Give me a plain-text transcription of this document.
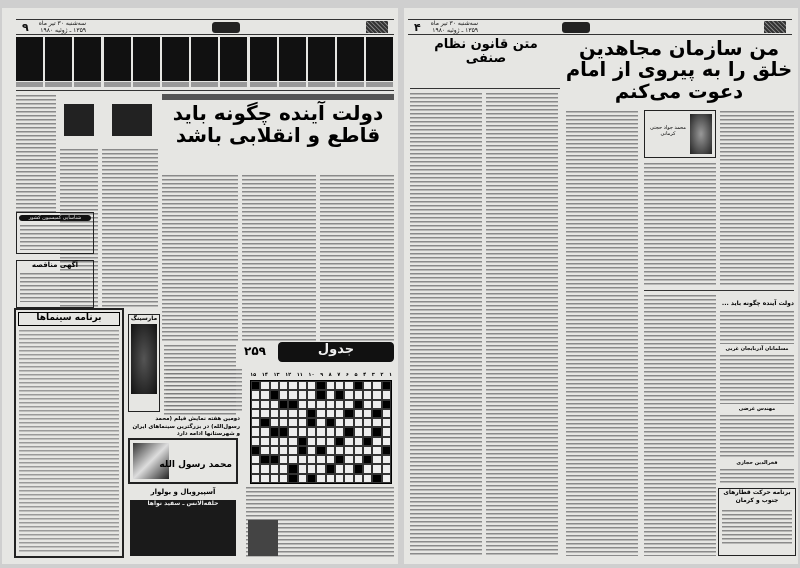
سه‌شنبه ۳۰ تیر ماه
۱۳۵۹ ـ ژوئیه ۱۹۸۰
۹
دولت آینده چگونه باید قاطع و انقلابی باشد
شناسایی کمیسیون کشور
آگهی مناقصه
برنامه سینماها	مارسینگ
دومین هفته نمایش فیلم (محمد رسول‌الله) در بزرگترین سینماهای ایران و شهرستانها ادامه دارد
محمد رسول الله
آسپیروبال و بولوار
حلقه‌الانس ـ سفید نواها
جدول
۲۵۹
۱
۲
۳
۴
۵
۶
۷
۸
۹
۱۰
۱۱
۱۲
۱۳
۱۴
۱۵

سه‌شنبه ۳۰ تیر ماه
۱۳۵۹ ـ ژوئیه ۱۹۸۰
۴
من سازمان مجاهدین خلق را به پیروی از امام دعوت می‌کنم
متن قانون نظام صنفی
محمد جواد حجتی کرمانی
دولت آینده چگونه باید ...
مسلمانان آذربایجان غربی
مهندس غرضی
فخرالدین حجازی
برنامه حرکت قطارهای جنوب و کرمان
